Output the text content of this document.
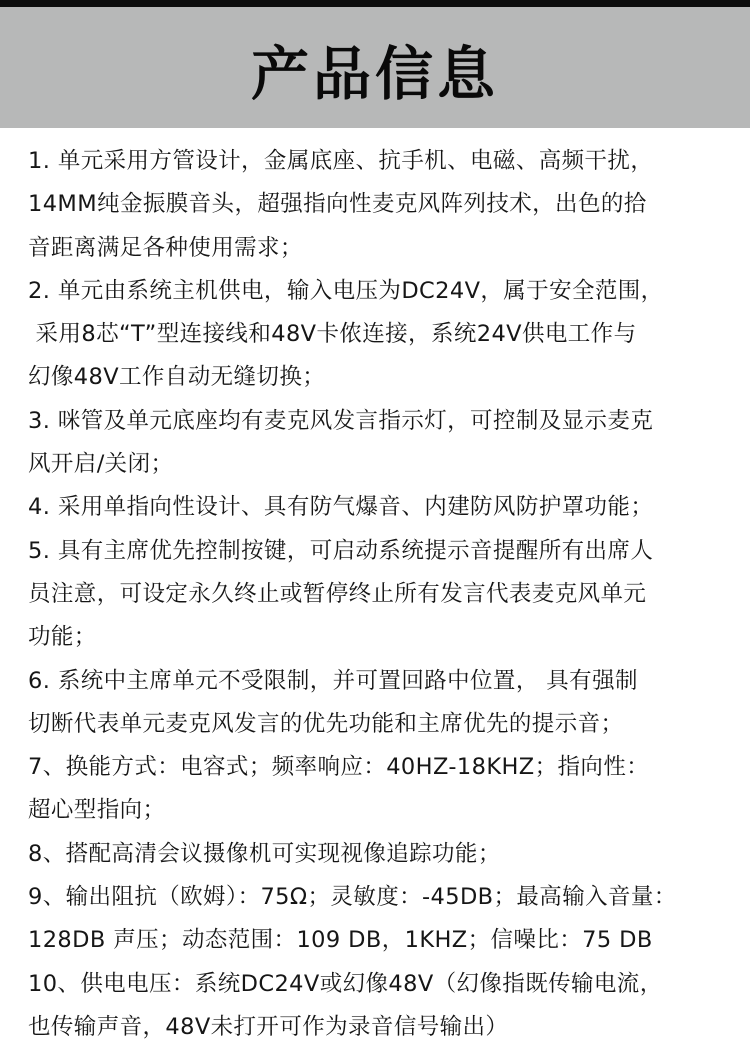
产品信息
1. 单元采用方管设计，金属底座、抗手机、电磁、高频干扰，
14MM纯金振膜音头，超强指向性麦克风阵列技术，出色的拾
音距离满足各种使用需求；
2. 单元由系统主机供电，输入电压为DC24V，属于安全范围，
采用8芯“T”型连接线和48V卡侬连接，系统24V供电工作与
幻像48V工作自动无缝切换；
3. 咪管及单元底座均有麦克风发言指示灯，可控制及显示麦克
风开启/关闭；
4. 采用单指向性设计、具有防气爆音、内建防风防护罩功能；
5. 具有主席优先控制按键，可启动系统提示音提醒所有出席人
员注意，可设定永久终止或暂停终止所有发言代表麦克风单元
功能；
6. 系统中主席单元不受限制，并可置回路中位置， 具有强制
切断代表单元麦克风发言的优先功能和主席优先的提示音；
7、换能方式：电容式；频率响应：40HZ-18KHZ；指向性：
超心型指向；
8、搭配高清会议摄像机可实现视像追踪功能；
9、输出阻抗（欧姆）：75Ω；灵敏度：-45DB；最高输入音量：
128DB 声压；动态范围：109 DB，1KHZ；信噪比：75 DB
10、供电电压：系统DC24V或幻像48V（幻像指既传输电流，
也传输声音，48V未打开可作为录音信号输出）
